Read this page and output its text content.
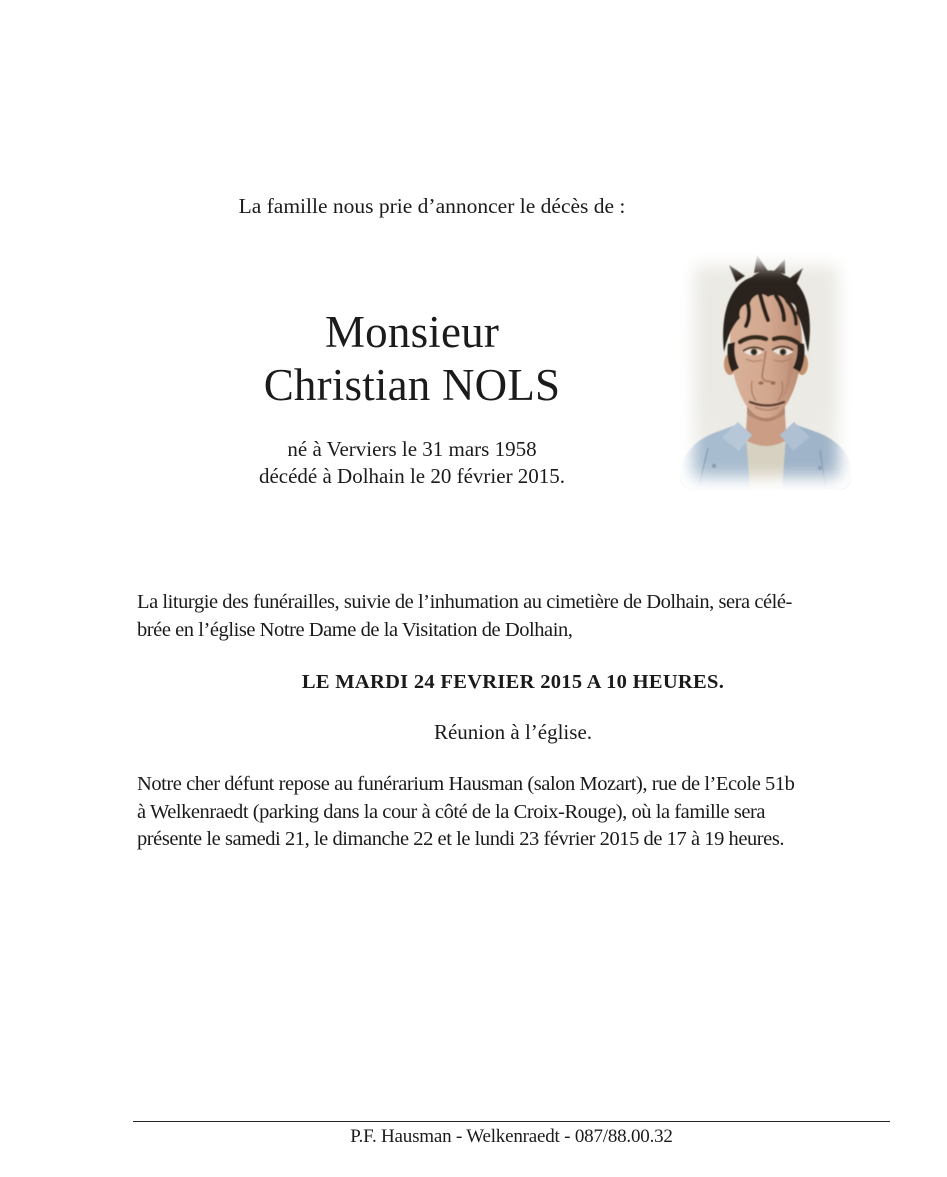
La famille nous prie d’annoncer le décès de :
Monsieur
Christian NOLS
né à Verviers le 31 mars 1958
décédé à Dolhain le 20 février 2015.
La liturgie des funérailles, suivie de l’inhumation au cimetière de Dolhain, sera célé-
brée en l’église Notre Dame de la Visitation de Dolhain,
LE MARDI 24 FEVRIER 2015 A 10 HEURES.
Réunion à l’église.
Notre cher défunt repose au funérarium Hausman (salon Mozart), rue de l’Ecole 51b
à Welkenraedt (parking dans la cour à côté de la Croix-Rouge), où la famille sera
présente le samedi 21, le dimanche 22 et le lundi 23 février 2015 de 17 à 19 heures.
P.F. Hausman - Welkenraedt - 087/88.00.32
